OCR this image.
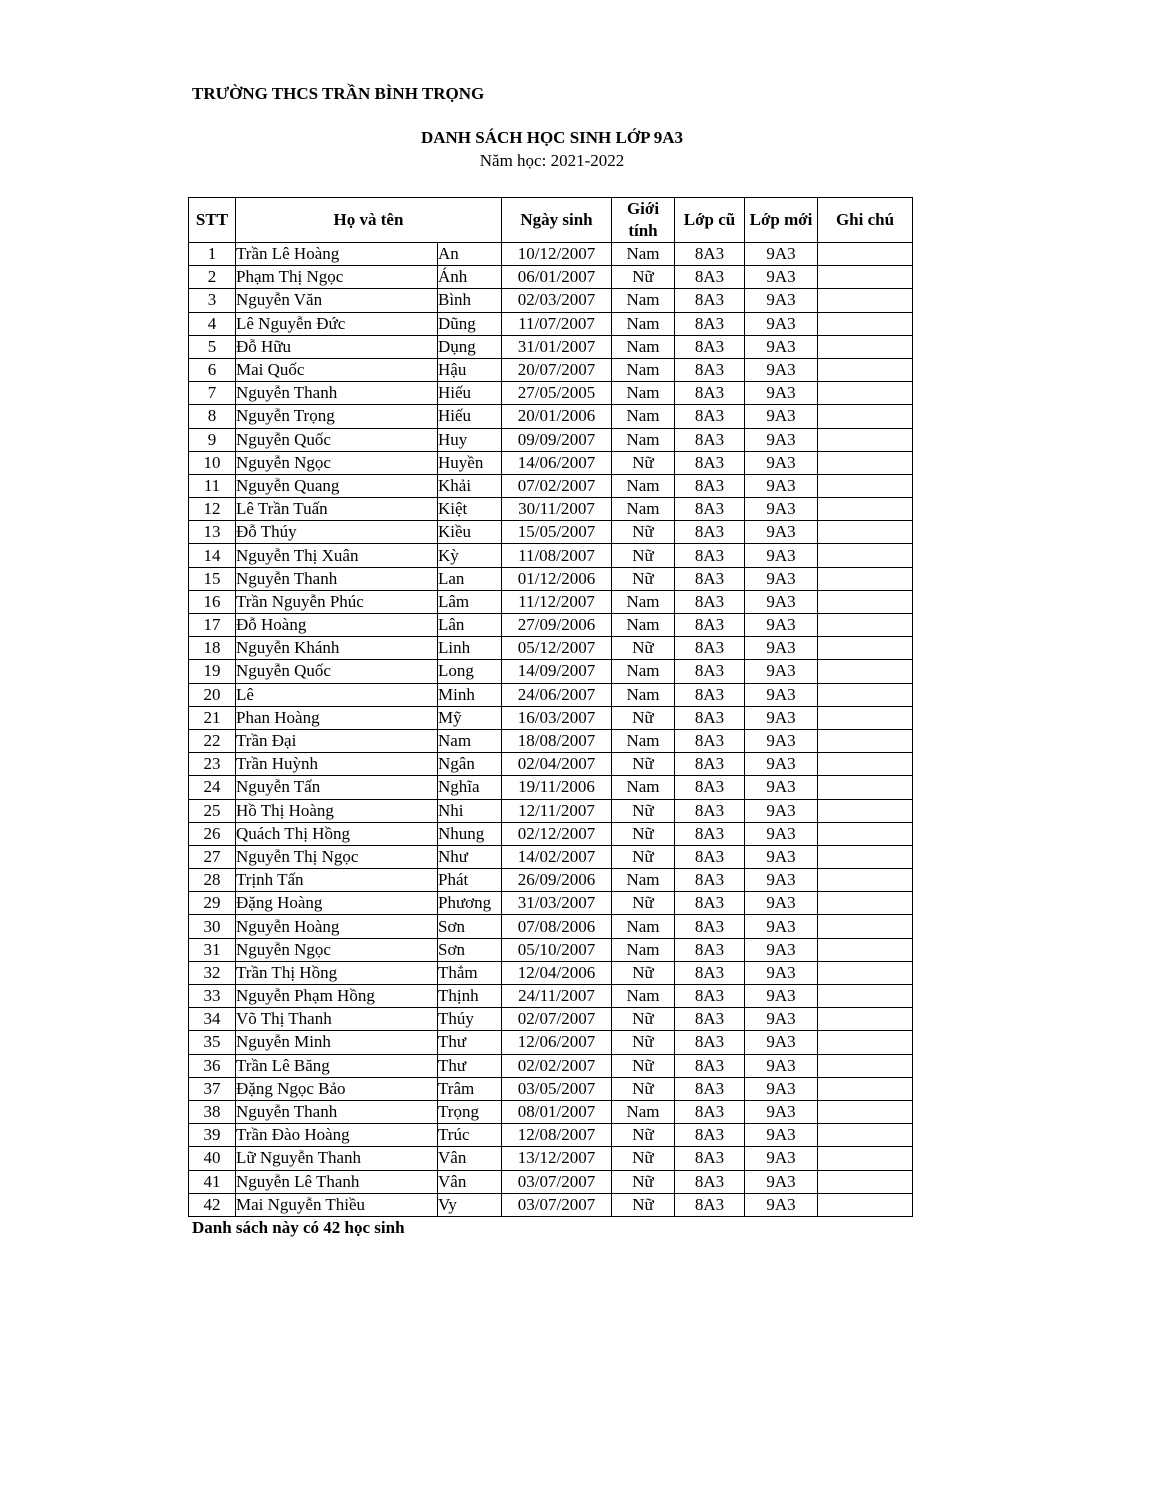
TRƯỜNG THCS TRẦN BÌNH TRỌNG
DANH SÁCH HỌC SINH LỚP 9A3
Năm học: 2021-2022
STT	Họ và tên		Ngày sinh	Giới tính	Lớp cũ	Lớp mới	Ghi chú
1	Trần Lê Hoàng	An	10/12/2007	Nam	8A3	9A3	
2	Phạm Thị Ngọc	Ánh	06/01/2007	Nữ	8A3	9A3	
3	Nguyễn Văn	Bình	02/03/2007	Nam	8A3	9A3	
4	Lê Nguyễn Đức	Dũng	11/07/2007	Nam	8A3	9A3	
5	Đỗ Hữu	Dụng	31/01/2007	Nam	8A3	9A3	
6	Mai Quốc	Hậu	20/07/2007	Nam	8A3	9A3	
7	Nguyễn Thanh	Hiếu	27/05/2005	Nam	8A3	9A3	
8	Nguyễn Trọng	Hiếu	20/01/2006	Nam	8A3	9A3	
9	Nguyễn Quốc	Huy	09/09/2007	Nam	8A3	9A3	
10	Nguyễn Ngọc	Huyền	14/06/2007	Nữ	8A3	9A3	
11	Nguyễn Quang	Khải	07/02/2007	Nam	8A3	9A3	
12	Lê Trần Tuấn	Kiệt	30/11/2007	Nam	8A3	9A3	
13	Đỗ Thúy	Kiều	15/05/2007	Nữ	8A3	9A3	
14	Nguyễn Thị Xuân	Kỳ	11/08/2007	Nữ	8A3	9A3	
15	Nguyễn Thanh	Lan	01/12/2006	Nữ	8A3	9A3	
16	Trần Nguyễn Phúc	Lâm	11/12/2007	Nam	8A3	9A3	
17	Đỗ Hoàng	Lân	27/09/2006	Nam	8A3	9A3	
18	Nguyễn Khánh	Linh	05/12/2007	Nữ	8A3	9A3	
19	Nguyễn Quốc	Long	14/09/2007	Nam	8A3	9A3	
20	Lê	Minh	24/06/2007	Nam	8A3	9A3	
21	Phan Hoàng	Mỹ	16/03/2007	Nữ	8A3	9A3	
22	Trần Đại	Nam	18/08/2007	Nam	8A3	9A3	
23	Trần Huỳnh	Ngân	02/04/2007	Nữ	8A3	9A3	
24	Nguyễn Tấn	Nghĩa	19/11/2006	Nam	8A3	9A3	
25	Hồ Thị Hoàng	Nhi	12/11/2007	Nữ	8A3	9A3	
26	Quách Thị Hồng	Nhung	02/12/2007	Nữ	8A3	9A3	
27	Nguyễn Thị Ngọc	Như	14/02/2007	Nữ	8A3	9A3	
28	Trịnh Tấn	Phát	26/09/2006	Nam	8A3	9A3	
29	Đặng Hoàng	Phương	31/03/2007	Nữ	8A3	9A3	
30	Nguyễn Hoàng	Sơn	07/08/2006	Nam	8A3	9A3	
31	Nguyễn Ngọc	Sơn	05/10/2007	Nam	8A3	9A3	
32	Trần Thị Hồng	Thắm	12/04/2006	Nữ	8A3	9A3	
33	Nguyễn Phạm Hồng	Thịnh	24/11/2007	Nam	8A3	9A3	
34	Võ Thị Thanh	Thúy	02/07/2007	Nữ	8A3	9A3	
35	Nguyễn Minh	Thư	12/06/2007	Nữ	8A3	9A3	
36	Trần Lê Băng	Thư	02/02/2007	Nữ	8A3	9A3	
37	Đặng Ngọc Bảo	Trâm	03/05/2007	Nữ	8A3	9A3	
38	Nguyễn Thanh	Trọng	08/01/2007	Nam	8A3	9A3	
39	Trần Đào Hoàng	Trúc	12/08/2007	Nữ	8A3	9A3	
40	Lữ Nguyễn Thanh	Vân	13/12/2007	Nữ	8A3	9A3	
41	Nguyễn Lê Thanh	Vân	03/07/2007	Nữ	8A3	9A3	
42	Mai Nguyễn Thiều	Vy	03/07/2007	Nữ	8A3	9A3	
Danh sách này có 42 học sinh
